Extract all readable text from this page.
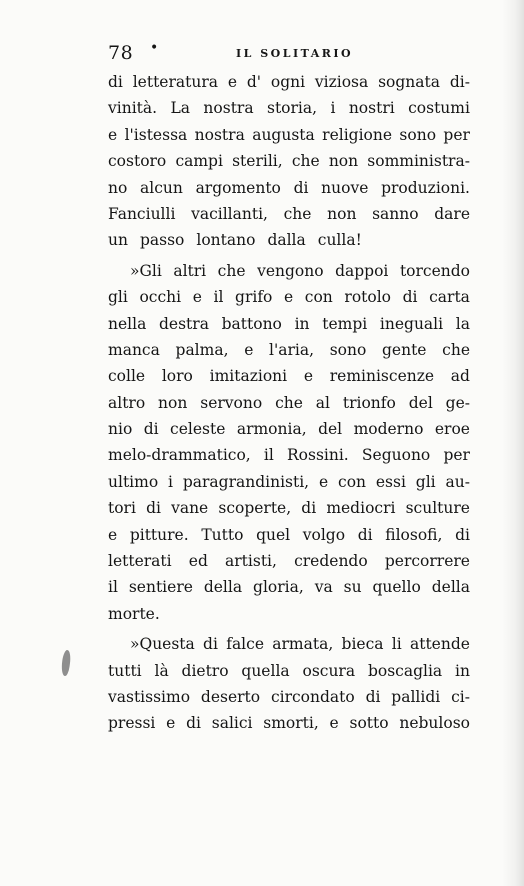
78 •	IL SOLITARIO
di letteratura e d' ogni viziosa sognata di-
vinità. La nostra storia, i nostri costumi
e l'istessa nostra augusta religione sono per
costoro campi sterili, che non somministra-
no alcun argomento di nuove produzioni.
Fanciulli vacillanti, che non sanno dare
un passo lontano dalla culla!
»Gli altri che vengono dappoi torcendo
gli occhi e il grifo e con rotolo di carta
nella destra battono in tempi ineguali la
manca palma, e l'aria, sono gente che
colle loro imitazioni e reminiscenze ad
altro non servono che al trionfo del ge-
nio di celeste armonia, del moderno eroe
melo-drammatico, il Rossini. Seguono per
ultimo i paragrandinisti, e con essi gli au-
tori di vane scoperte, di mediocri sculture
e pitture. Tutto quel volgo di filosofi, di
letterati ed artisti, credendo percorrere
il sentiere della gloria, va su quello della
morte.
»Questa di falce armata, bieca li attende
tutti là dietro quella oscura boscaglia in
vastissimo deserto circondato di pallidi ci-
pressi e di salici smorti, e sotto nebuloso
